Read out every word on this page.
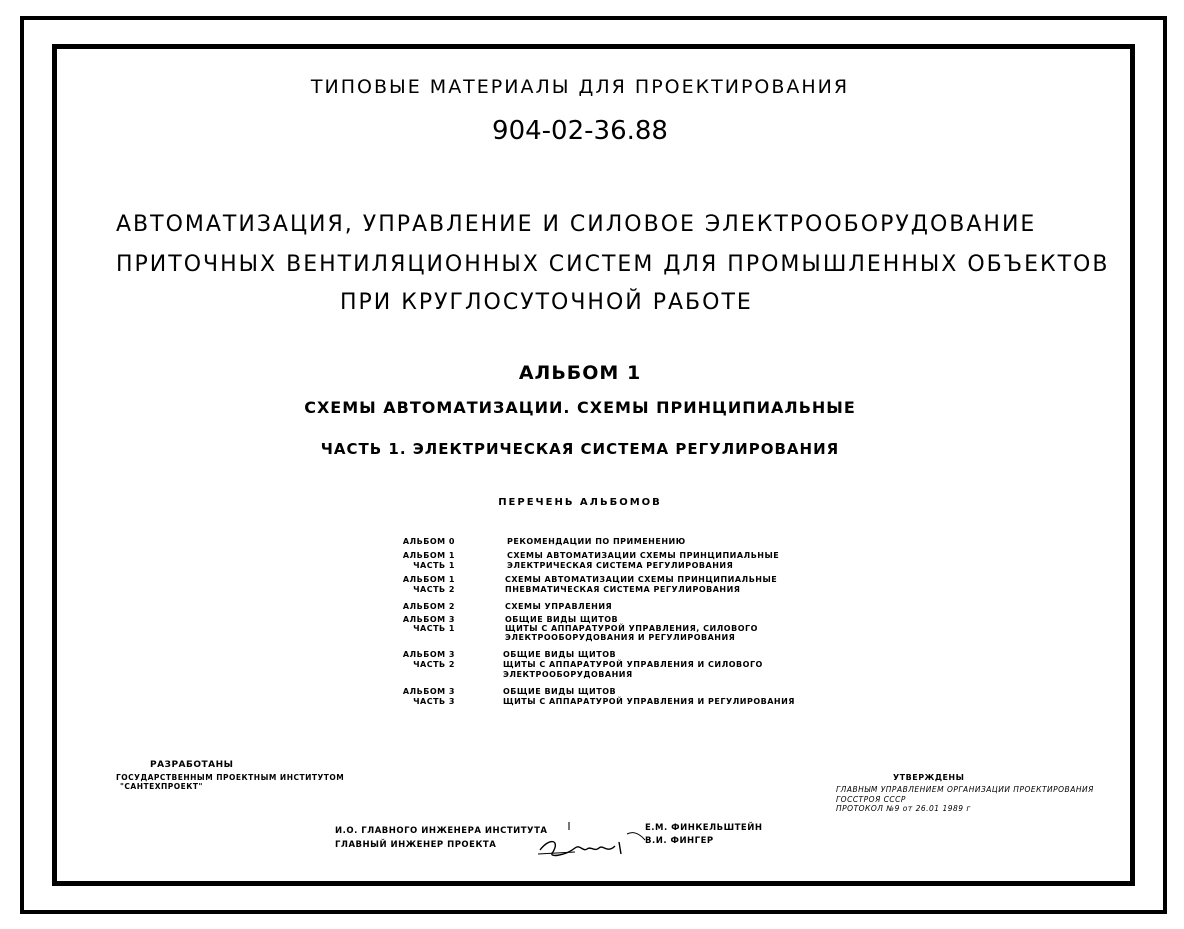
ТИПОВЫЕ МАТЕРИАЛЫ ДЛЯ ПРОЕКТИРОВАНИЯ
904-02-36.88
АВТОМАТИЗАЦИЯ, УПРАВЛЕНИЕ И СИЛОВОЕ ЭЛЕКТРООБОРУДОВАНИЕ
ПРИТОЧНЫХ ВЕНТИЛЯЦИОННЫХ СИСТЕМ ДЛЯ ПРОМЫШЛЕННЫХ ОБЪЕКТОВ
ПРИ КРУГЛОСУТОЧНОЙ РАБОТЕ
АЛЬБОМ 1
СХЕМЫ АВТОМАТИЗАЦИИ. СХЕМЫ ПРИНЦИПИАЛЬНЫЕ
ЧАСТЬ 1. ЭЛЕКТРИЧЕСКАЯ СИСТЕМА РЕГУЛИРОВАНИЯ
ПЕРЕЧЕНЬ АЛЬБОМОВ
АЛЬБОМ 0	РЕКОМЕНДАЦИИ ПО ПРИМЕНЕНИЮ
АЛЬБОМ 1
ЧАСТЬ 1
СХЕМЫ АВТОМАТИЗАЦИИ СХЕМЫ ПРИНЦИПИАЛЬНЫЕ
ЭЛЕКТРИЧЕСКАЯ СИСТЕМА РЕГУЛИРОВАНИЯ
АЛЬБОМ 1
ЧАСТЬ 2
СХЕМЫ АВТОМАТИЗАЦИИ СХЕМЫ ПРИНЦИПИАЛЬНЫЕ
ПНЕВМАТИЧЕСКАЯ СИСТЕМА РЕГУЛИРОВАНИЯ
АЛЬБОМ 2	СХЕМЫ УПРАВЛЕНИЯ
АЛЬБОМ 3
ЧАСТЬ 1
ОБЩИЕ ВИДЫ ЩИТОВ
ЩИТЫ С АППАРАТУРОЙ УПРАВЛЕНИЯ, СИЛОВОГО
ЭЛЕКТРООБОРУДОВАНИЯ И РЕГУЛИРОВАНИЯ
АЛЬБОМ 3
ЧАСТЬ 2
ОБЩИЕ ВИДЫ ЩИТОВ
ЩИТЫ С АППАРАТУРОЙ УПРАВЛЕНИЯ И СИЛОВОГО
ЭЛЕКТРООБОРУДОВАНИЯ
АЛЬБОМ 3
ЧАСТЬ 3
ОБЩИЕ ВИДЫ ЩИТОВ
ЩИТЫ С АППАРАТУРОЙ УПРАВЛЕНИЯ И РЕГУЛИРОВАНИЯ
РАЗРАБОТАНЫ
ГОСУДАРСТВЕННЫМ ПРОЕКТНЫМ ИНСТИТУТОМ
"САНТЕХПРОЕКТ"
УТВЕРЖДЕНЫ
ГЛАВНЫМ УПРАВЛЕНИЕМ ОРГАНИЗАЦИИ ПРОЕКТИРОВАНИЯ
ГОССТРОЯ СССР
ПРОТОКОЛ №9 от 26.01 1989 г
И.О. ГЛАВНОГО ИНЖЕНЕРА ИНСТИТУТА
ГЛАВНЫЙ ИНЖЕНЕР ПРОЕКТА
Е.М. ФИНКЕЛЬШТЕЙН
В.И. ФИНГЕР
